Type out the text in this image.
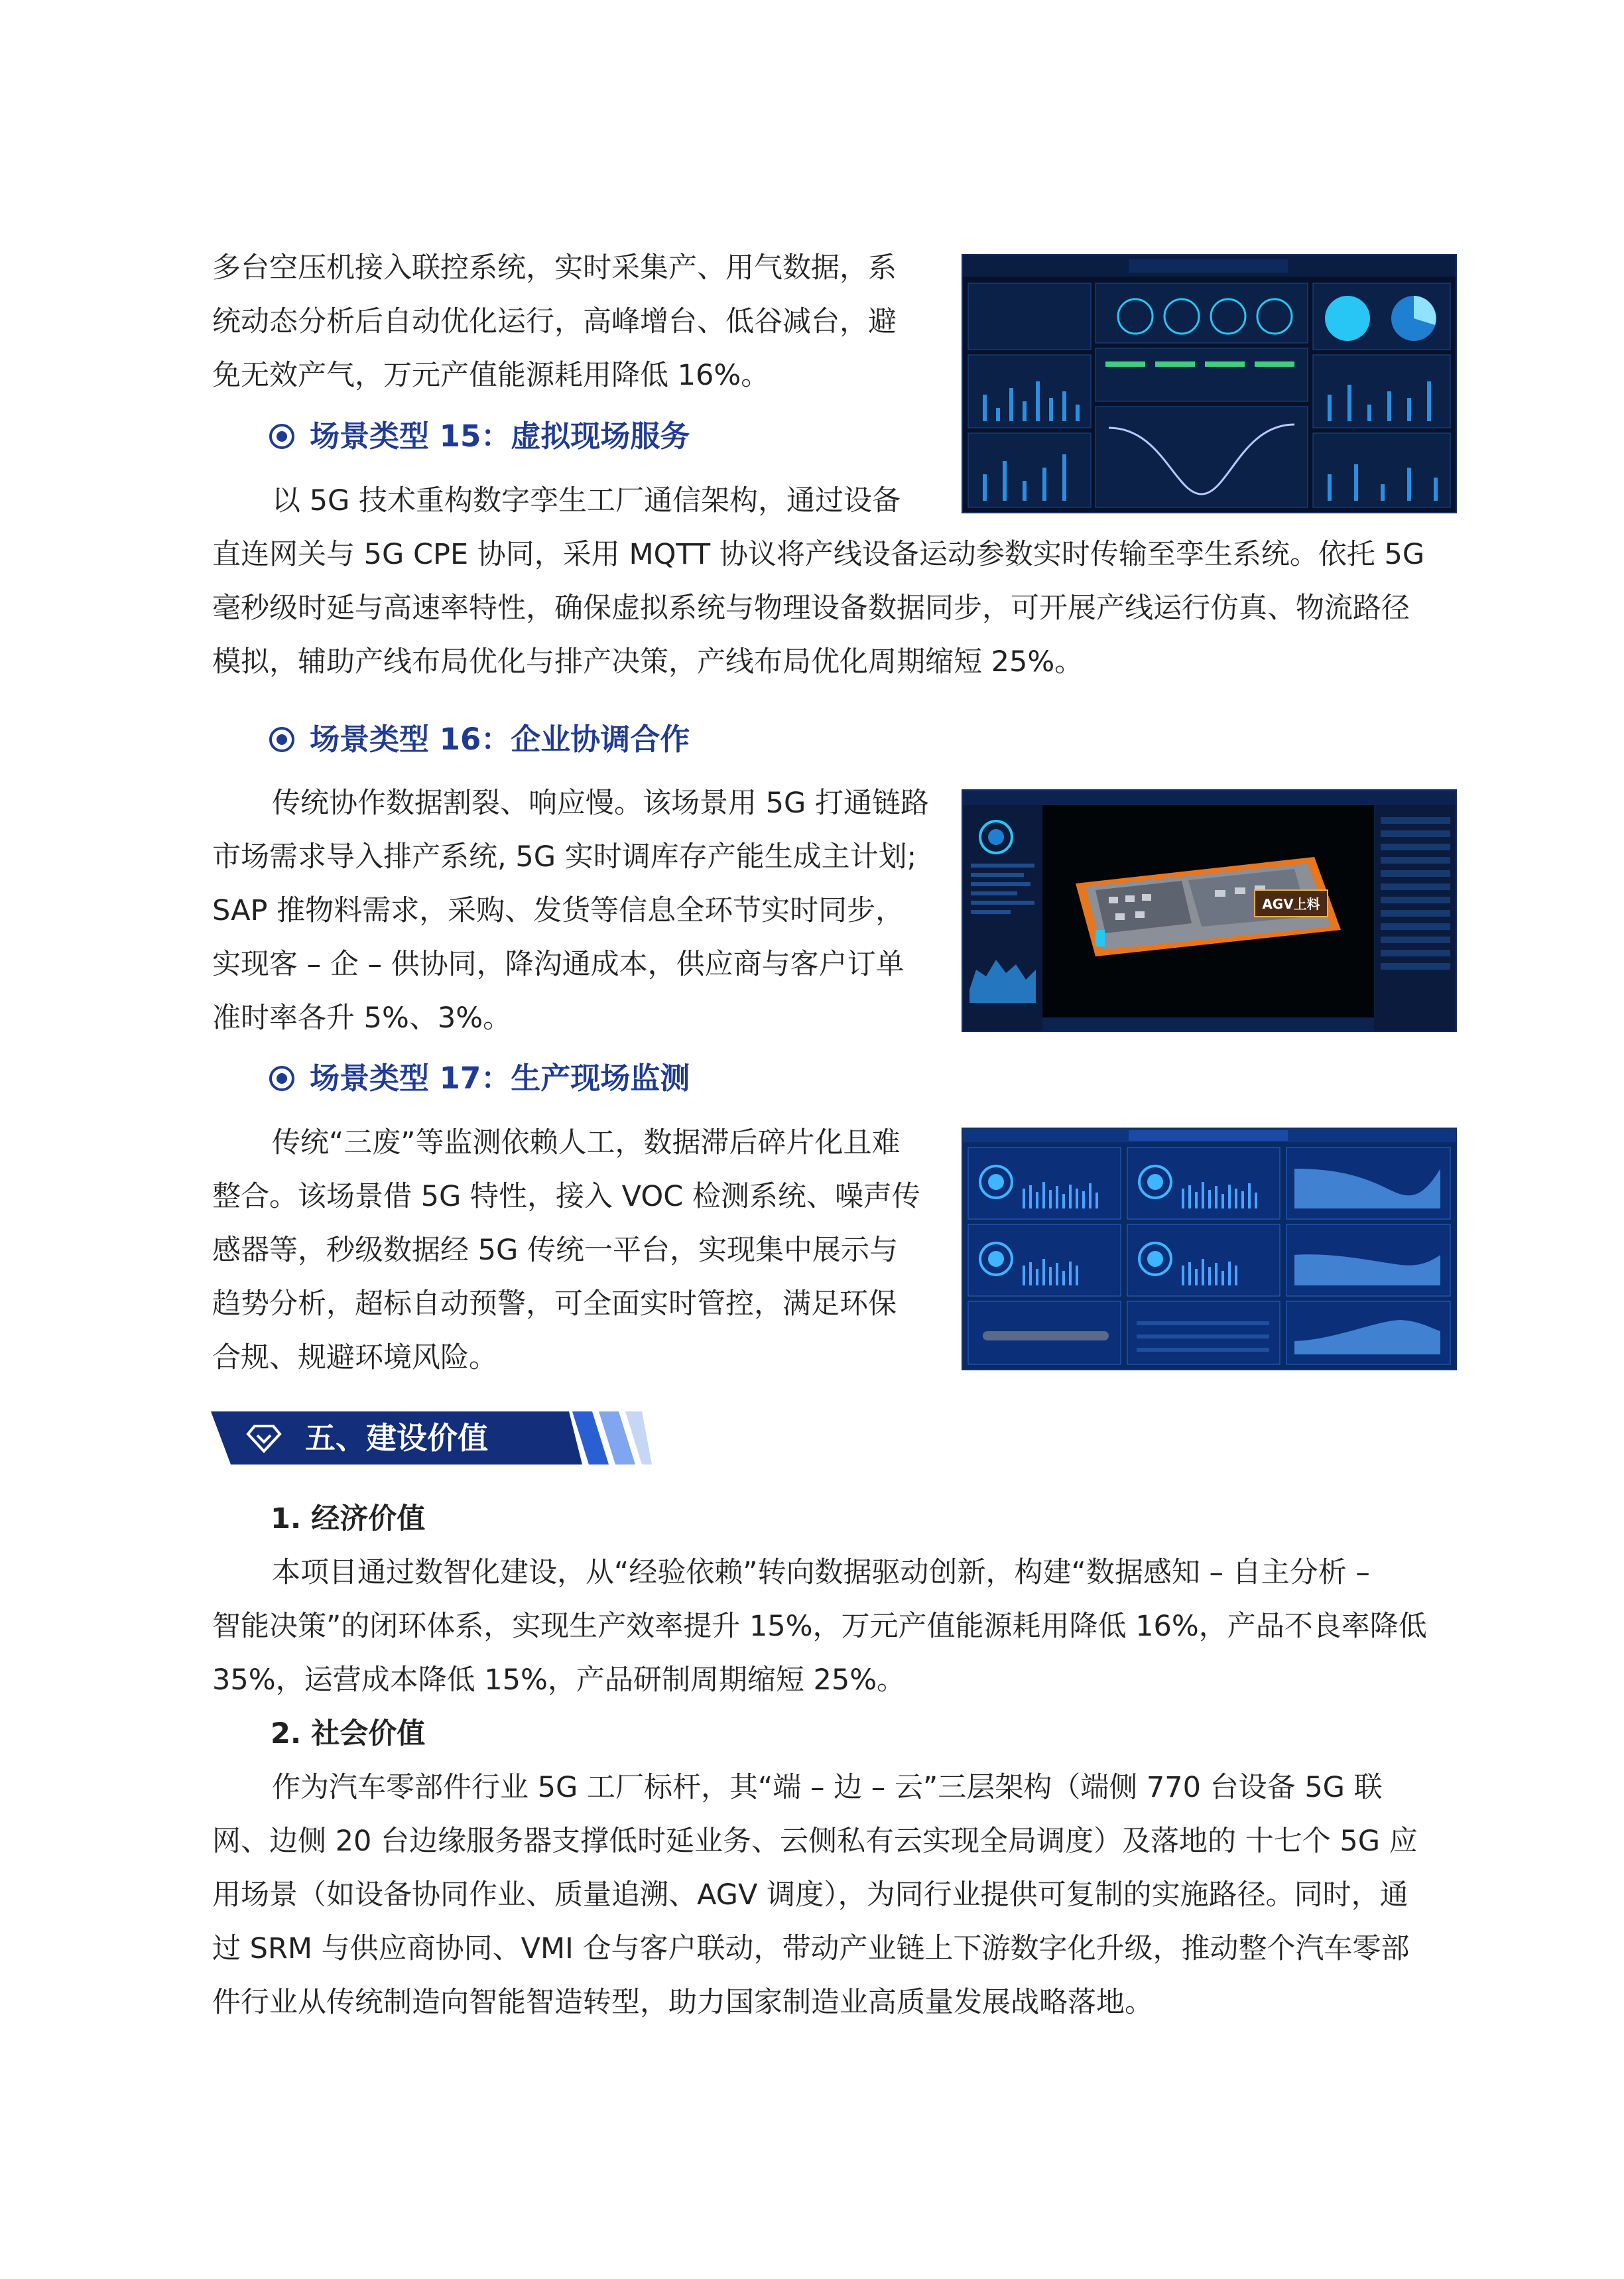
多台空压机接入联控系统，实时采集产、用气数据，系

统动态分析后自动优化运行，高峰增台、低谷减台，避

免无效产气，万元产值能源耗用降低 16%。

场景类型 15：虚拟现场服务

以 5G 技术重构数字孪生工厂通信架构，通过设备

直连网关与 5G CPE 协同，采用 MQTT 协议将产线设备运动参数实时传输至孪生系统。依托 5G

毫秒级时延与高速率特性，确保虚拟系统与物理设备数据同步，可开展产线运行仿真、物流路径

模拟，辅助产线布局优化与排产决策，产线布局优化周期缩短 25%。

场景类型 16：企业协调合作

传统协作数据割裂、响应慢。该场景用 5G 打通链路

市场需求导入排产系统, 5G 实时调库存产能生成主计划;

SAP 推物料需求，采购、发货等信息全环节实时同步，

实现客 – 企 – 供协同，降沟通成本，供应商与客户订单

准时率各升 5%、3%。

AGV上料
场景类型 17：生产现场监测

传统“三废”等监测依赖人工，数据滞后碎片化且难

整合。该场景借 5G 特性，接入 VOC 检测系统、噪声传

感器等，秒级数据经 5G 传统一平台，实现集中展示与

趋势分析，超标自动预警，可全面实时管控，满足环保

合规、规避环境风险。

五、建设价值

1. 经济价值

本项目通过数智化建设，从“经验依赖”转向数据驱动创新，构建“数据感知 – 自主分析 –

智能决策”的闭环体系，实现生产效率提升 15%，万元产值能源耗用降低 16%，产品不良率降低

35%，运营成本降低 15%，产品研制周期缩短 25%。

2. 社会价值

作为汽车零部件行业 5G 工厂标杆，其“端 – 边 – 云”三层架构（端侧 770 台设备 5G 联

网、边侧 20 台边缘服务器支撑低时延业务、云侧私有云实现全局调度）及落地的 十七个 5G 应

用场景（如设备协同作业、质量追溯、AGV 调度），为同行业提供可复制的实施路径。同时，通

过 SRM 与供应商协同、VMI 仓与客户联动，带动产业链上下游数字化升级，推动整个汽车零部

件行业从传统制造向智能智造转型，助力国家制造业高质量发展战略落地。
